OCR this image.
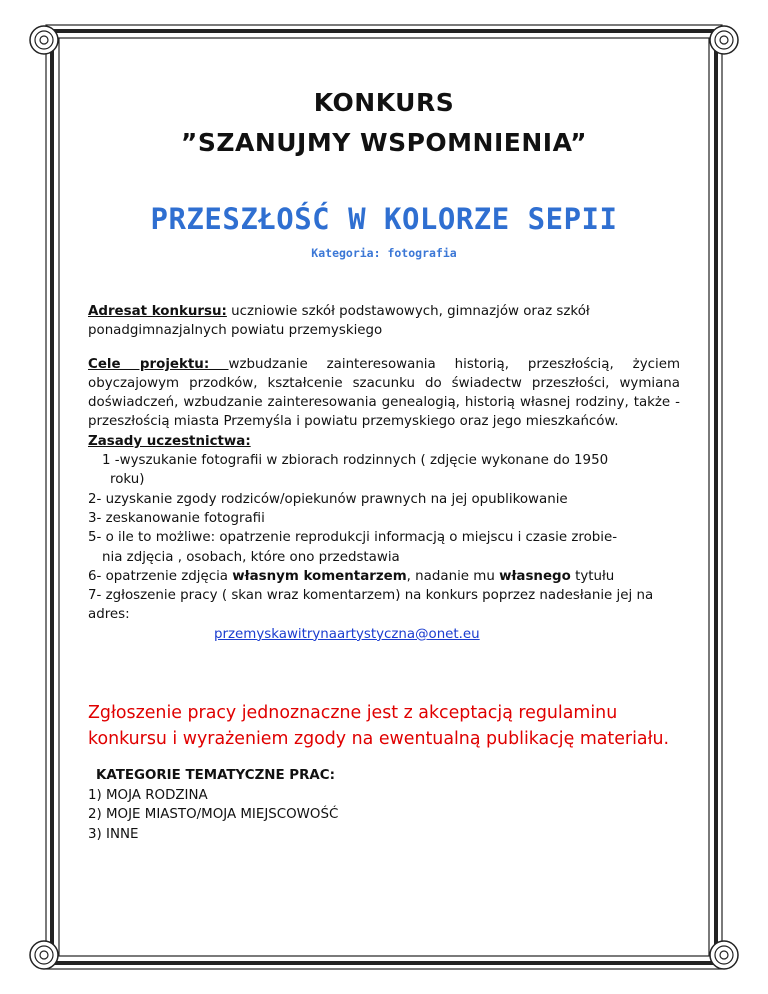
KONKURS
”SZANUJMY WSPOMNIENIA”
PRZESZŁOŚĆ W KOLORZE SEPII
Kategoria: fotografia

Adresat konkursu: uczniowie szkół podstawowych, gimnazjów oraz szkół ponadgimnazjalnych powiatu przemyskiego

Cele projektu: wzbudzanie zainteresowania historią, przeszłością, życiem obyczajowym przodków, kształcenie szacunku do świadectw przeszłości, wymiana doświadczeń, wzbudzanie zainteresowania genealogią, historią własnej rodziny, także - przeszłością miasta Przemyśla i powiatu przemyskiego oraz jego mieszkańców.

Zasady uczestnictwa:

1 -wyszukanie fotografii w zbiorach rodzinnych ( zdjęcie wykonane do 1950

roku)

2- uzyskanie zgody rodziców/opiekunów prawnych na jej opublikowanie

3- zeskanowanie fotografii

5- o ile to możliwe: opatrzenie reprodukcji informacją o miejscu i czasie zrobie-

nia zdjęcia , osobach, które ono przedstawia

6- opatrzenie zdjęcia własnym komentarzem, nadanie mu własnego tytułu

7- zgłoszenie pracy ( skan wraz komentarzem) na konkurs poprzez nadesłanie jej na adres:

przemyskawitrynaartystyczna@onet.eu
Zgłoszenie pracy jednoznaczne jest z akceptacją regulaminu konkursu i wyrażeniem zgody na ewentualną publikację materiału.
KATEGORIE TEMATYCZNE PRAC:
1) MOJA RODZINA
2) MOJE MIASTO/MOJA MIEJSCOWOŚĆ
3) INNE
